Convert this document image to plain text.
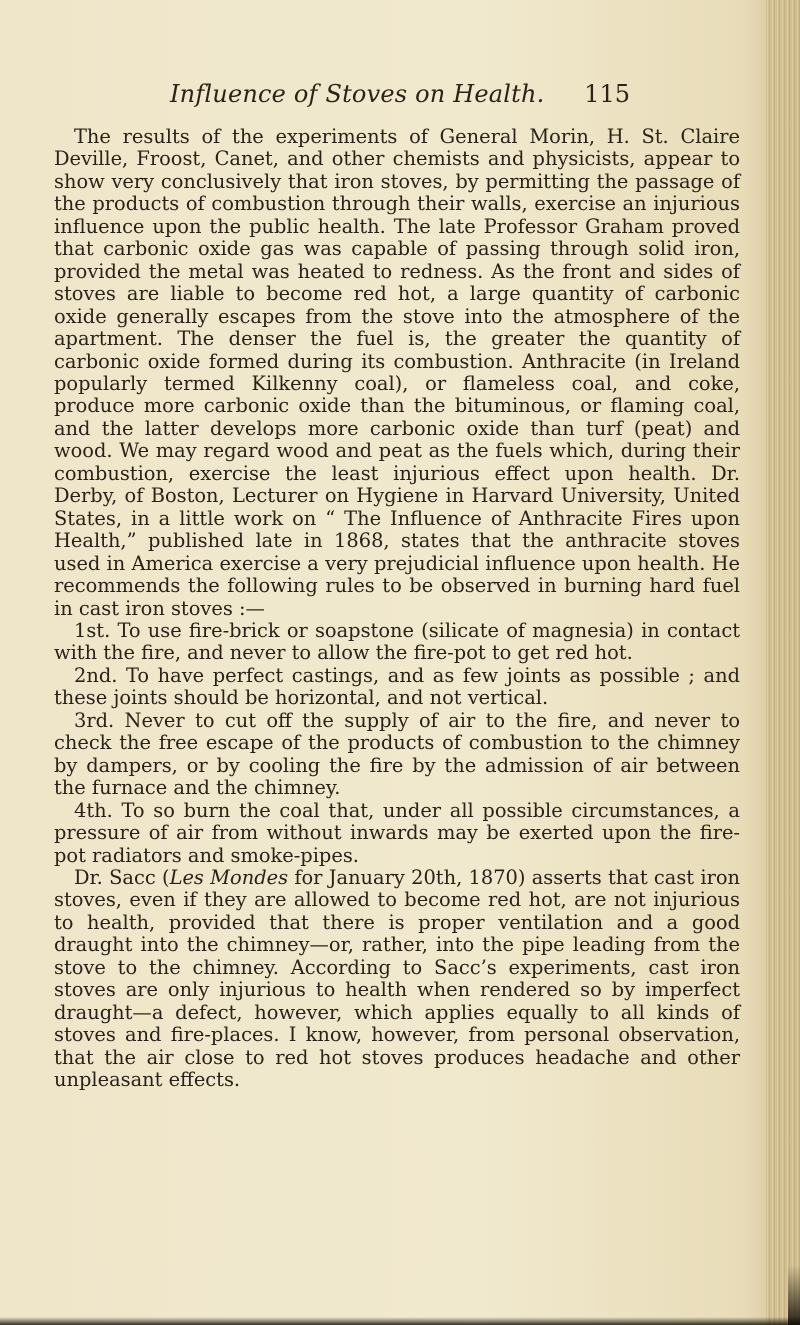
Influence of Stoves on Health. 115

The results of the experiments of General Morin, H. St. Claire Deville, Froost, Canet, and other chemists and physicists, appear to show very conclusively that iron stoves, by permitting the passage of the products of combustion through their walls, exercise an injurious influence upon the public health. The late Professor Graham proved that carbonic oxide gas was capable of passing through solid iron, provided the metal was heated to redness. As the front and sides of stoves are liable to become red hot, a large quantity of carbonic oxide generally escapes from the stove into the atmosphere of the apartment. The denser the fuel is, the greater the quantity of carbonic oxide formed during its combustion. Anthracite (in Ireland popularly termed Kilkenny coal), or flameless coal, and coke, produce more carbonic oxide than the bituminous, or flaming coal, and the latter develops more carbonic oxide than turf (peat) and wood. We may regard wood and peat as the fuels which, during their combustion, exercise the least injurious effect upon health. Dr. Derby, of Boston, Lecturer on Hygiene in Harvard University, United States, in a little work on “ The Influence of Anthracite Fires upon Health,” published late in 1868, states that the anthracite stoves used in America exercise a very prejudicial influence upon health. He recommends the following rules to be observed in burning hard fuel in cast iron stoves :—

1st. To use fire-brick or soapstone (silicate of magnesia) in contact with the fire, and never to allow the fire-pot to get red hot.

2nd. To have perfect castings, and as few joints as possible ; and these joints should be horizontal, and not vertical.

3rd. Never to cut off the supply of air to the fire, and never to check the free escape of the products of combustion to the chimney by dampers, or by cooling the fire by the admission of air between the furnace and the chimney.

4th. To so burn the coal that, under all possible circumstances, a pressure of air from without inwards may be exerted upon the fire-pot radiators and smoke-pipes.

Dr. Sacc (Les Mondes for January 20th, 1870) asserts that cast iron stoves, even if they are allowed to become red hot, are not injurious to health, provided that there is proper ventilation and a good draught into the chimney—or, rather, into the pipe leading from the stove to the chimney. According to Sacc’s experiments, cast iron stoves are only injurious to health when rendered so by imperfect draught—a defect, however, which applies equally to all kinds of stoves and fire-places. I know, however, from personal observation, that the air close to red hot stoves produces headache and other unpleasant effects.
